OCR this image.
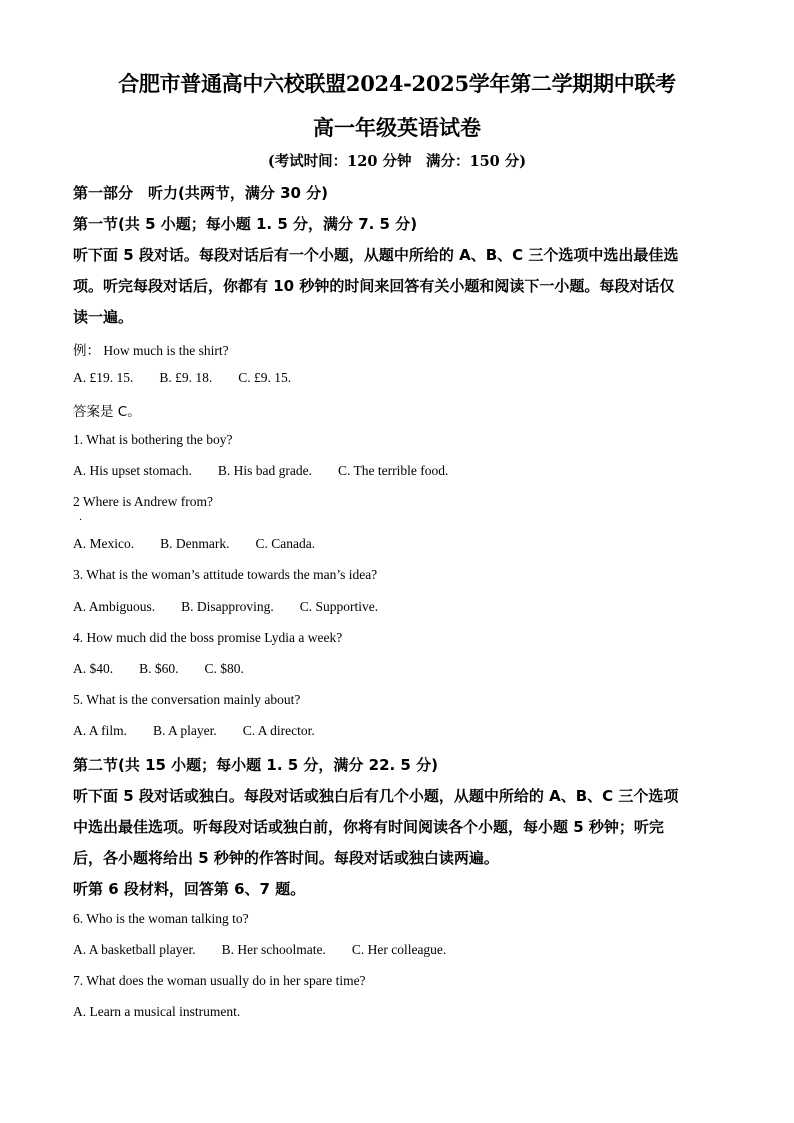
合肥市普通高中六校联盟2024-2025学年第二学期期中联考
高一年级英语试卷
(考试时间：120 分钟　满分：150 分)
第一部分　听力(共两节，满分 30 分)
第一节(共 5 小题；每小题 1. 5 分，满分 7. 5 分)
听下面 5 段对话。每段对话后有一个小题，从题中所给的 A、B、C 三个选项中选出最佳选
项。听完每段对话后，你都有 10 秒钟的时间来回答有关小题和阅读下一小题。每段对话仅
读一遍。
例： How much is the shirt?
A. £19. 15. B. £9. 18. C. £9. 15.
答案是 C。
1. What is bothering the boy?
A. His upset stomach. B. His bad grade. C. The terrible food.
2 Where is Andrew from?
·
A. Mexico. B. Denmark. C. Canada.
3. What is the woman’s attitude towards the man’s idea?
A. Ambiguous. B. Disapproving. C. Supportive.
4. How much did the boss promise Lydia a week?
A. $40. B. $60. C. $80.
5. What is the conversation mainly about?
A. A film. B. A player. C. A director.
第二节(共 15 小题；每小题 1. 5 分，满分 22. 5 分)
听下面 5 段对话或独白。每段对话或独白后有几个小题，从题中所给的 A、B、C 三个选项
中选出最佳选项。听每段对话或独白前，你将有时间阅读各个小题，每小题 5 秒钟；听完
后，各小题将给出 5 秒钟的作答时间。每段对话或独白读两遍。
听第 6 段材料，回答第 6、7 题。
6. Who is the woman talking to?
A. A basketball player. B. Her schoolmate. C. Her colleague.
7. What does the woman usually do in her spare time?
A. Learn a musical instrument.
